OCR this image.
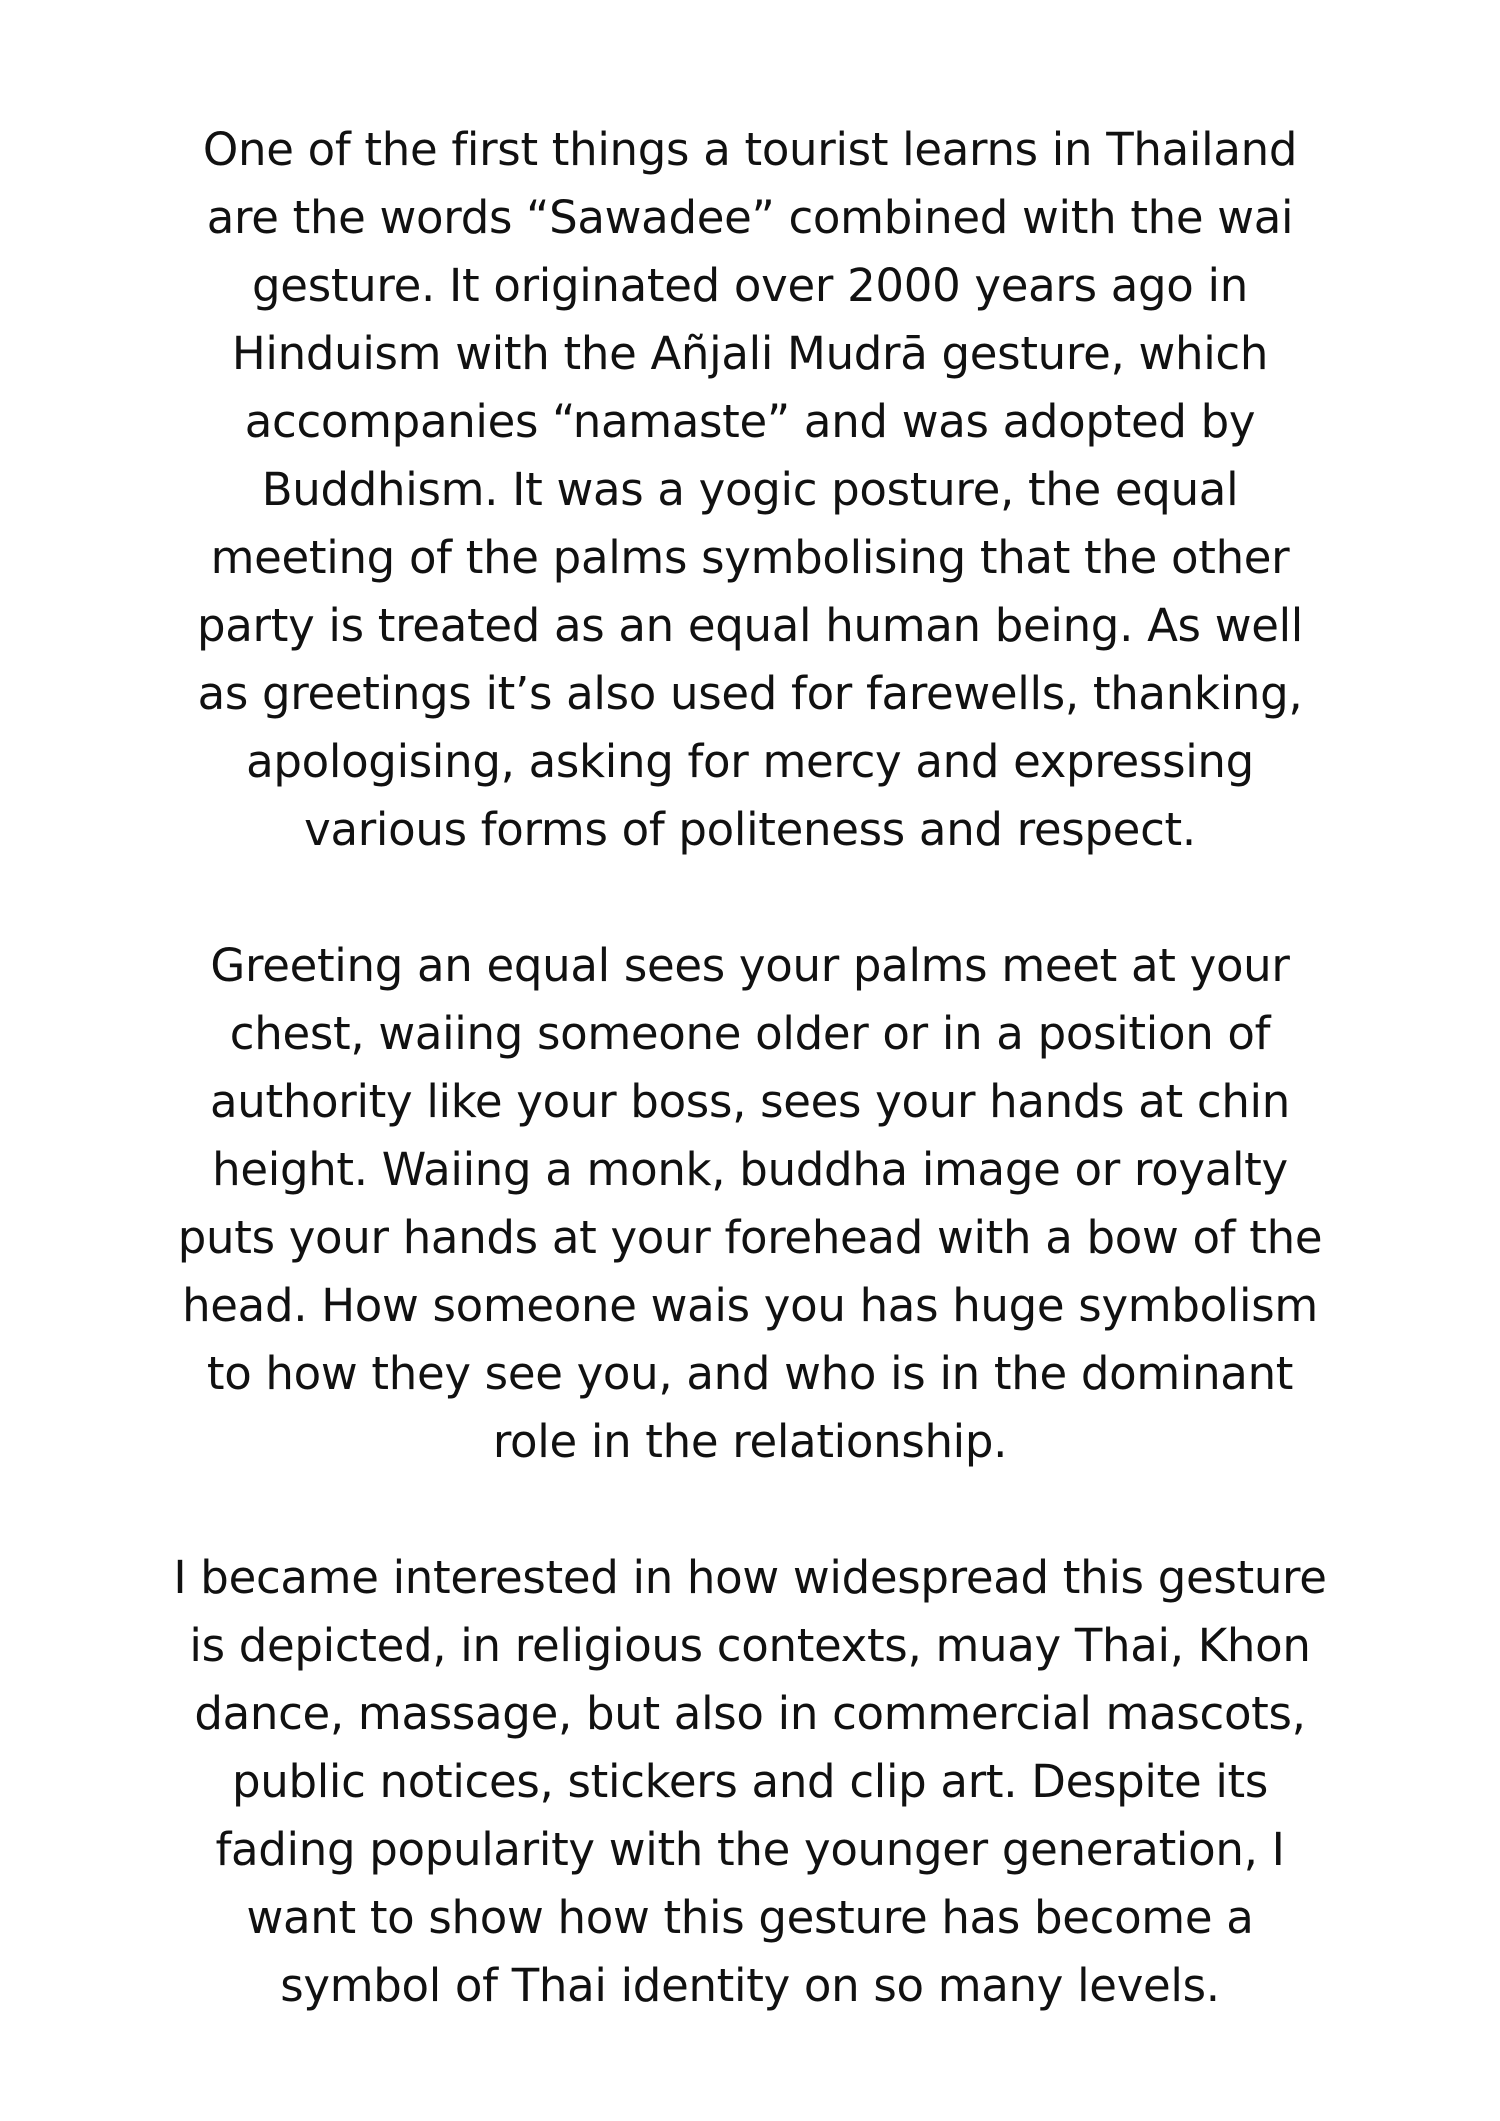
One of the first things a tourist learns in Thailand
are the words “Sawadee” combined with the wai
gesture. It originated over 2000 years ago in
Hinduism with the Añjali Mudrā gesture, which
accompanies “namaste” and was adopted by
Buddhism. It was a yogic posture, the equal
meeting of the palms symbolising that the other
party is treated as an equal human being. As well
as greetings it’s also used for farewells, thanking,
apologising, asking for mercy and expressing
various forms of politeness and respect.

Greeting an equal sees your palms meet at your
chest, waiing someone older or in a position of
authority like your boss, sees your hands at chin
height. Waiing a monk, buddha image or royalty
puts your hands at your forehead with a bow of the
head. How someone wais you has huge symbolism
to how they see you, and who is in the dominant
role in the relationship.

I became interested in how widespread this gesture
is depicted, in religious contexts, muay Thai, Khon
dance, massage, but also in commercial mascots,
public notices, stickers and clip art. Despite its
fading popularity with the younger generation, I
want to show how this gesture has become a
symbol of Thai identity on so many levels.
